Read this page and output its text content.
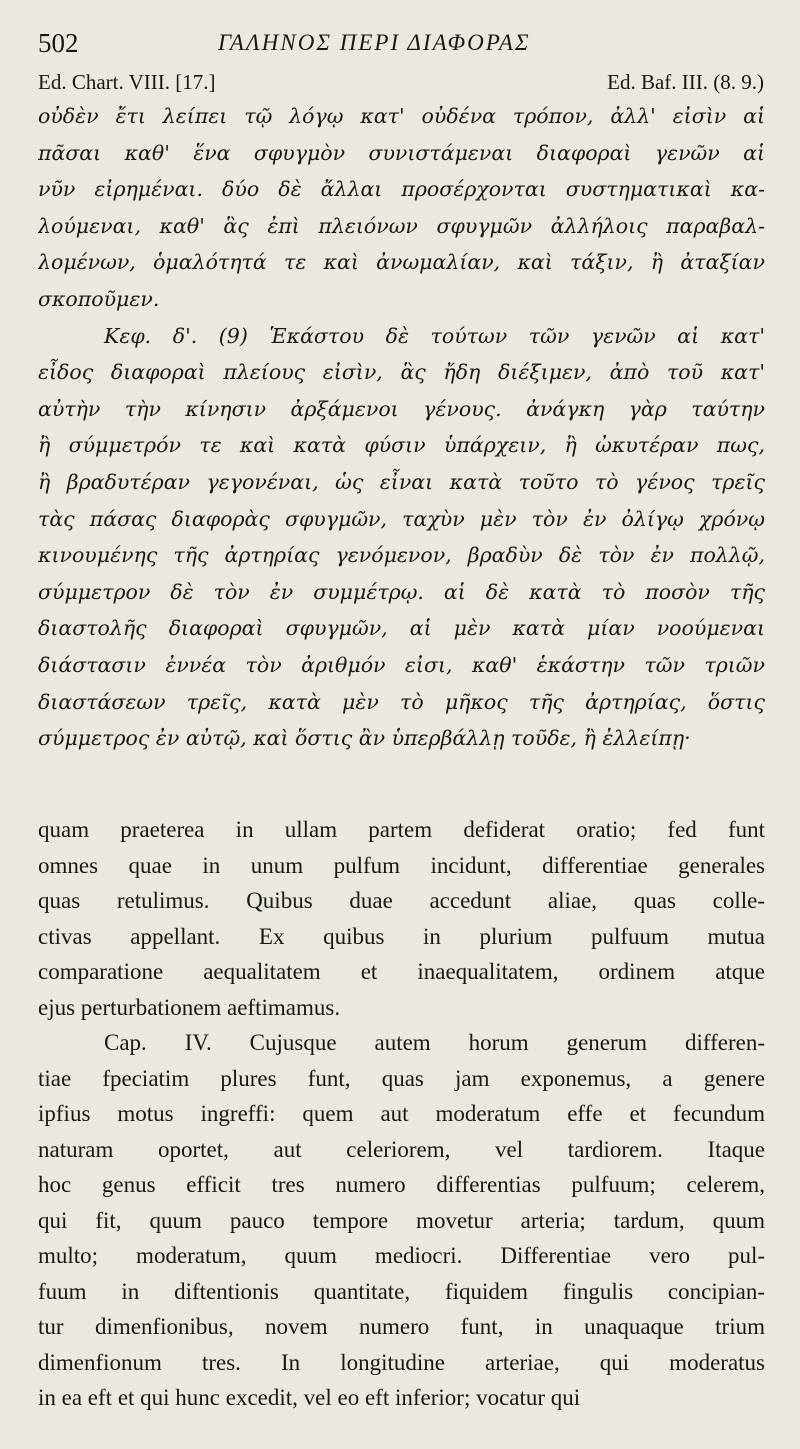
502	ΓΑΛΗΝΟΣ ΠΕΡΙ ΔΙΑΦΟΡΑΣ
Ed. Chart. VIII. [17.]	Ed. Baf. III. (8. 9.)
οὐδὲν ἔτι λείπει τῷ λόγῳ κατ' οὐδένα τρόπον, ἀλλ' εἰσὶν αἱ
πᾶσαι καθ' ἕνα σφυγμὸν συνιστάμεναι διαφοραὶ γενῶν αἱ
νῦν εἰρημέναι. δύο δὲ ἄλλαι προσέρχονται συστηματικαὶ κα-
λούμεναι, καθ' ἃς ἐπὶ πλειόνων σφυγμῶν ἀλλήλοις παραβαλ-
λομένων, ὁμαλότητά τε καὶ ἀνωμαλίαν, καὶ τάξιν, ἢ ἀταξίαν
σκοποῦμεν.
Κεφ. δ'. (9) Ἑκάστου δὲ τούτων τῶν γενῶν αἱ κατ'
εἶδος διαφοραὶ πλείους εἰσὶν, ἃς ἤδη διέξιμεν, ἀπὸ τοῦ κατ'
αὐτὴν τὴν κίνησιν ἀρξάμενοι γένους. ἀνάγκη γὰρ ταύτην
ἢ σύμμετρόν τε καὶ κατὰ φύσιν ὑπάρχειν, ἢ ὠκυτέραν πως,
ἢ βραδυτέραν γεγονέναι, ὡς εἶναι κατὰ τοῦτο τὸ γένος τρεῖς
τὰς πάσας διαφορὰς σφυγμῶν, ταχὺν μὲν τὸν ἐν ὀλίγῳ χρόνῳ
κινουμένης τῆς ἀρτηρίας γενόμενον, βραδὺν δὲ τὸν ἐν πολλῷ,
σύμμετρον δὲ τὸν ἐν συμμέτρῳ. αἱ δὲ κατὰ τὸ ποσὸν τῆς
διαστολῆς διαφοραὶ σφυγμῶν, αἱ μὲν κατὰ μίαν νοούμεναι
διάστασιν ἐννέα τὸν ἀριθμόν εἰσι, καθ' ἑκάστην τῶν τριῶν
διαστάσεων τρεῖς, κατὰ μὲν τὸ μῆκος τῆς ἀρτηρίας, ὅστις
σύμμετρος ἐν αὐτῷ, καὶ ὅστις ἂν ὑπερβάλλῃ τοῦδε, ἢ ἐλλείπῃ·
quam praeterea in ullam partem defiderat oratio; fed funt
omnes quae in unum pulfum incidunt, differentiae generales
quas retulimus. Quibus duae accedunt aliae, quas colle-
ctivas appellant. Ex quibus in plurium pulfuum mutua
comparatione aequalitatem et inaequalitatem, ordinem atque
ejus perturbationem aeftimamus.
Cap. IV. Cujusque autem horum generum differen-
tiae fpeciatim plures funt, quas jam exponemus, a genere
ipfius motus ingreffi: quem aut moderatum effe et fecundum
naturam oportet, aut celeriorem, vel tardiorem. Itaque
hoc genus efficit tres numero differentias pulfuum; celerem,
qui fit, quum pauco tempore movetur arteria; tardum, quum
multo; moderatum, quum mediocri. Differentiae vero pul-
fuum in diftentionis quantitate, fiquidem fingulis concipian-
tur dimenfionibus, novem numero funt, in unaquaque trium
dimenfionum tres. In longitudine arteriae, qui moderatus
in ea eft et qui hunc excedit, vel eo eft inferior; vocatur qui
